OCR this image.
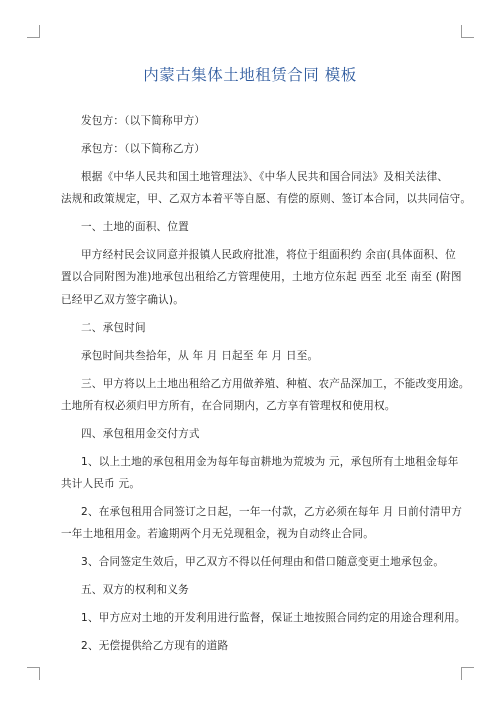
内蒙古集体土地租赁合同 模板

发包方：（以下简称甲方）

承包方：（以下简称乙方）

根据《中华人民共和国土地管理法》、《中华人民共和国合同法》及相关法律、
法规和政策规定，甲、乙双方本着平等自愿、有偿的原则、签订本合同，以共同信守。

一、土地的面积、位置

甲方经村民会议同意并报镇人民政府批准，将位于组面积约 余亩(具体面积、位
置以合同附图为准)地承包出租给乙方管理使用，土地方位东起 西至 北至 南至 (附图
已经甲乙双方签字确认)。

二、承包时间

承包时间共叁拾年，从 年 月 日起至 年 月 日至。

三、甲方将以上土地出租给乙方用做养殖、种植、农产品深加工，不能改变用途。
土地所有权必须归甲方所有，在合同期内，乙方享有管理权和使用权。

四、承包租用金交付方式

1、以上土地的承包租用金为每年每亩耕地为荒坡为 元，承包所有土地租金每年
共计人民币 元。

2、在承包租用合同签订之日起，一年一付款，乙方必须在每年 月 日前付清甲方
一年土地租用金。若逾期两个月无兑现租金，视为自动终止合同。

3、合同签定生效后，甲乙双方不得以任何理由和借口随意变更土地承包金。

五、双方的权利和义务

1、甲方应对土地的开发利用进行监督，保证土地按照合同约定的用途合理利用。

2、无偿提供给乙方现有的道路
